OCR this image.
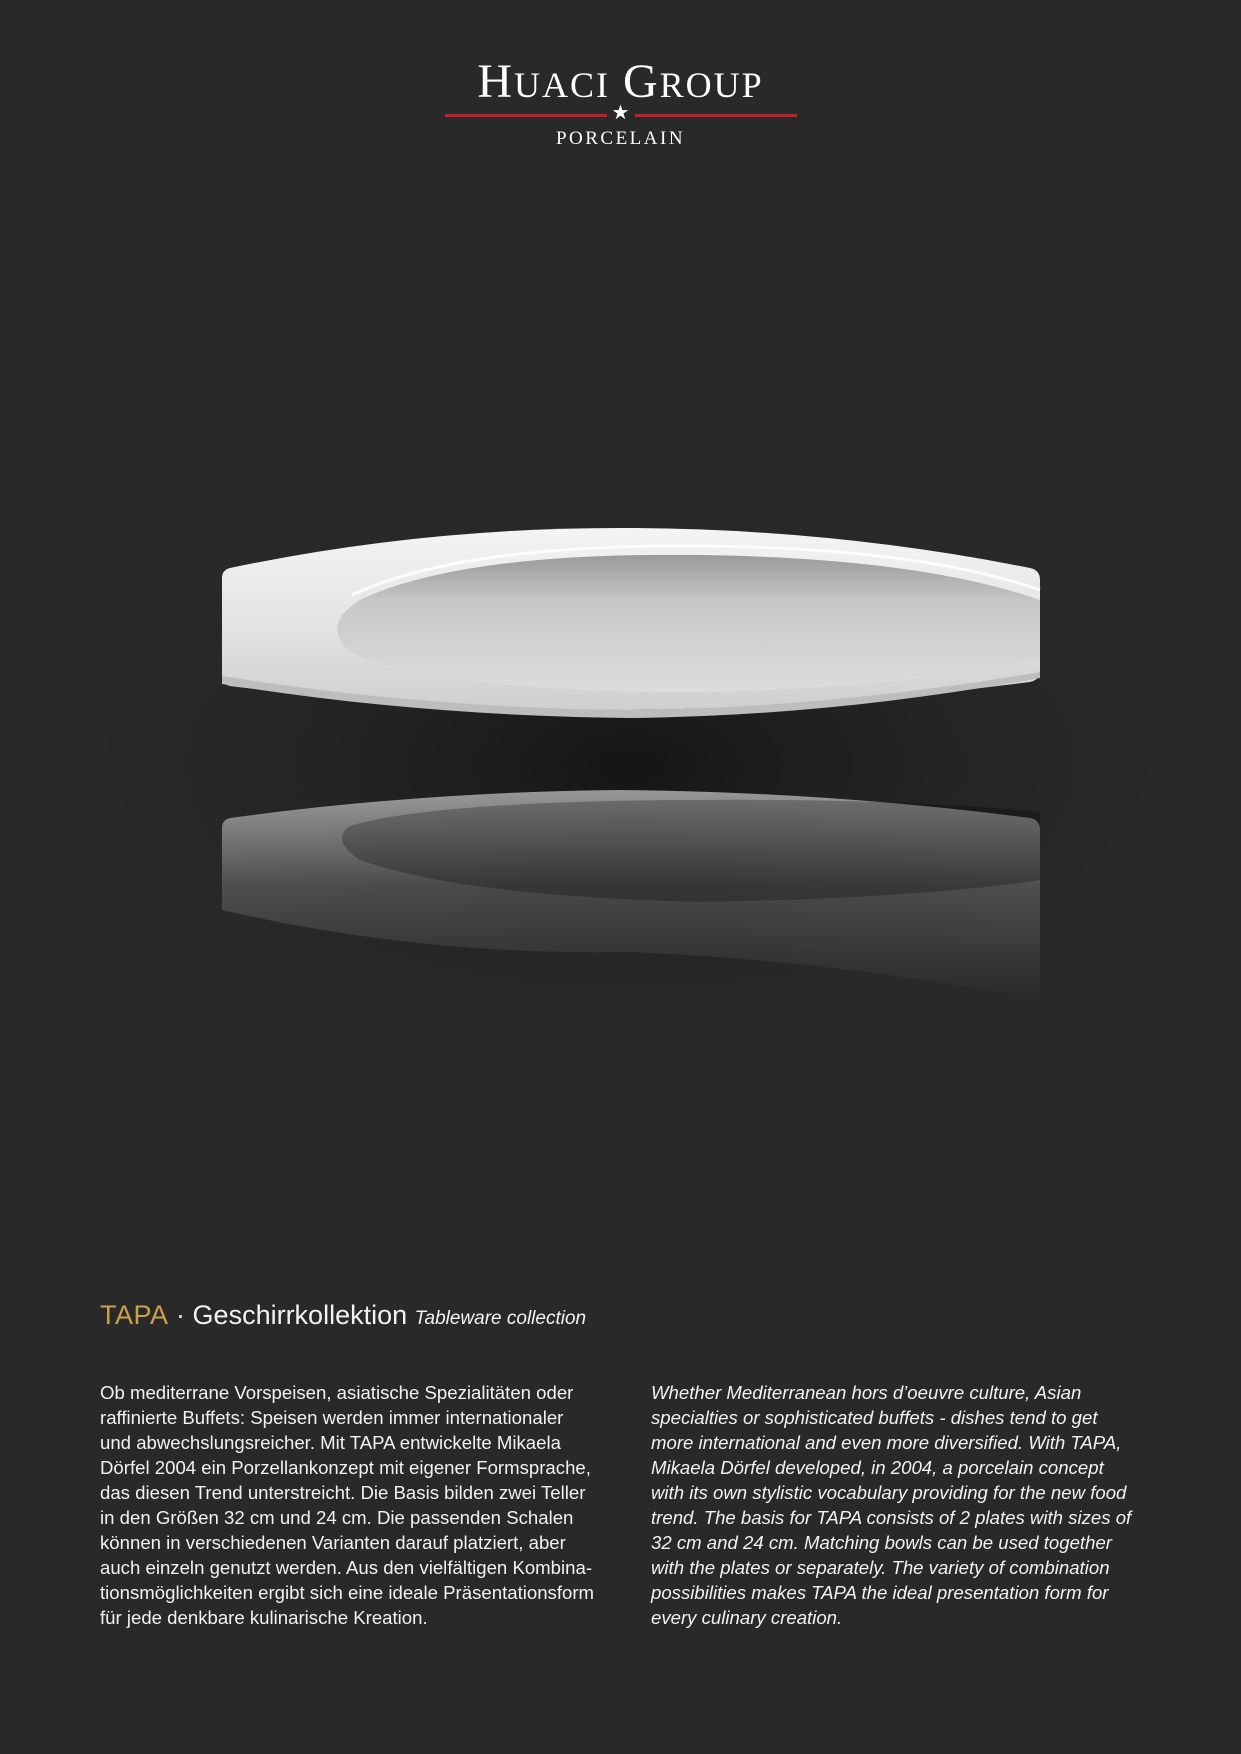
HUACI GROUP
★
PORCELAIN
TAPA · Geschirrkollektion Tableware collection
Ob mediterrane Vorspeisen, asiatische Spezialitäten oder
raffinierte Buffets: Speisen werden immer internationaler
und abwechslungsreicher. Mit TAPA entwickelte Mikaela
Dörfel 2004 ein Porzellankonzept mit eigener Formsprache,
das diesen Trend unterstreicht. Die Basis bilden zwei Teller
in den Größen 32 cm und 24 cm. Die passenden Schalen
können in verschiedenen Varianten darauf platziert, aber
auch einzeln genutzt werden. Aus den vielfältigen Kombina-
tionsmöglichkeiten ergibt sich eine ideale Präsentationsform
für jede denkbare kulinarische Kreation.
Whether Mediterranean hors d’oeuvre culture, Asian
specialties or sophisticated buffets - dishes tend to get
more international and even more diversified. With TAPA,
Mikaela Dörfel developed, in 2004, a porcelain concept
with its own stylistic vocabulary providing for the new food
trend. The basis for TAPA consists of 2 plates with sizes of
32 cm and 24 cm. Matching bowls can be used together
with the plates or separately. The variety of combination
possibilities makes TAPA the ideal presentation form for
every culinary creation.
